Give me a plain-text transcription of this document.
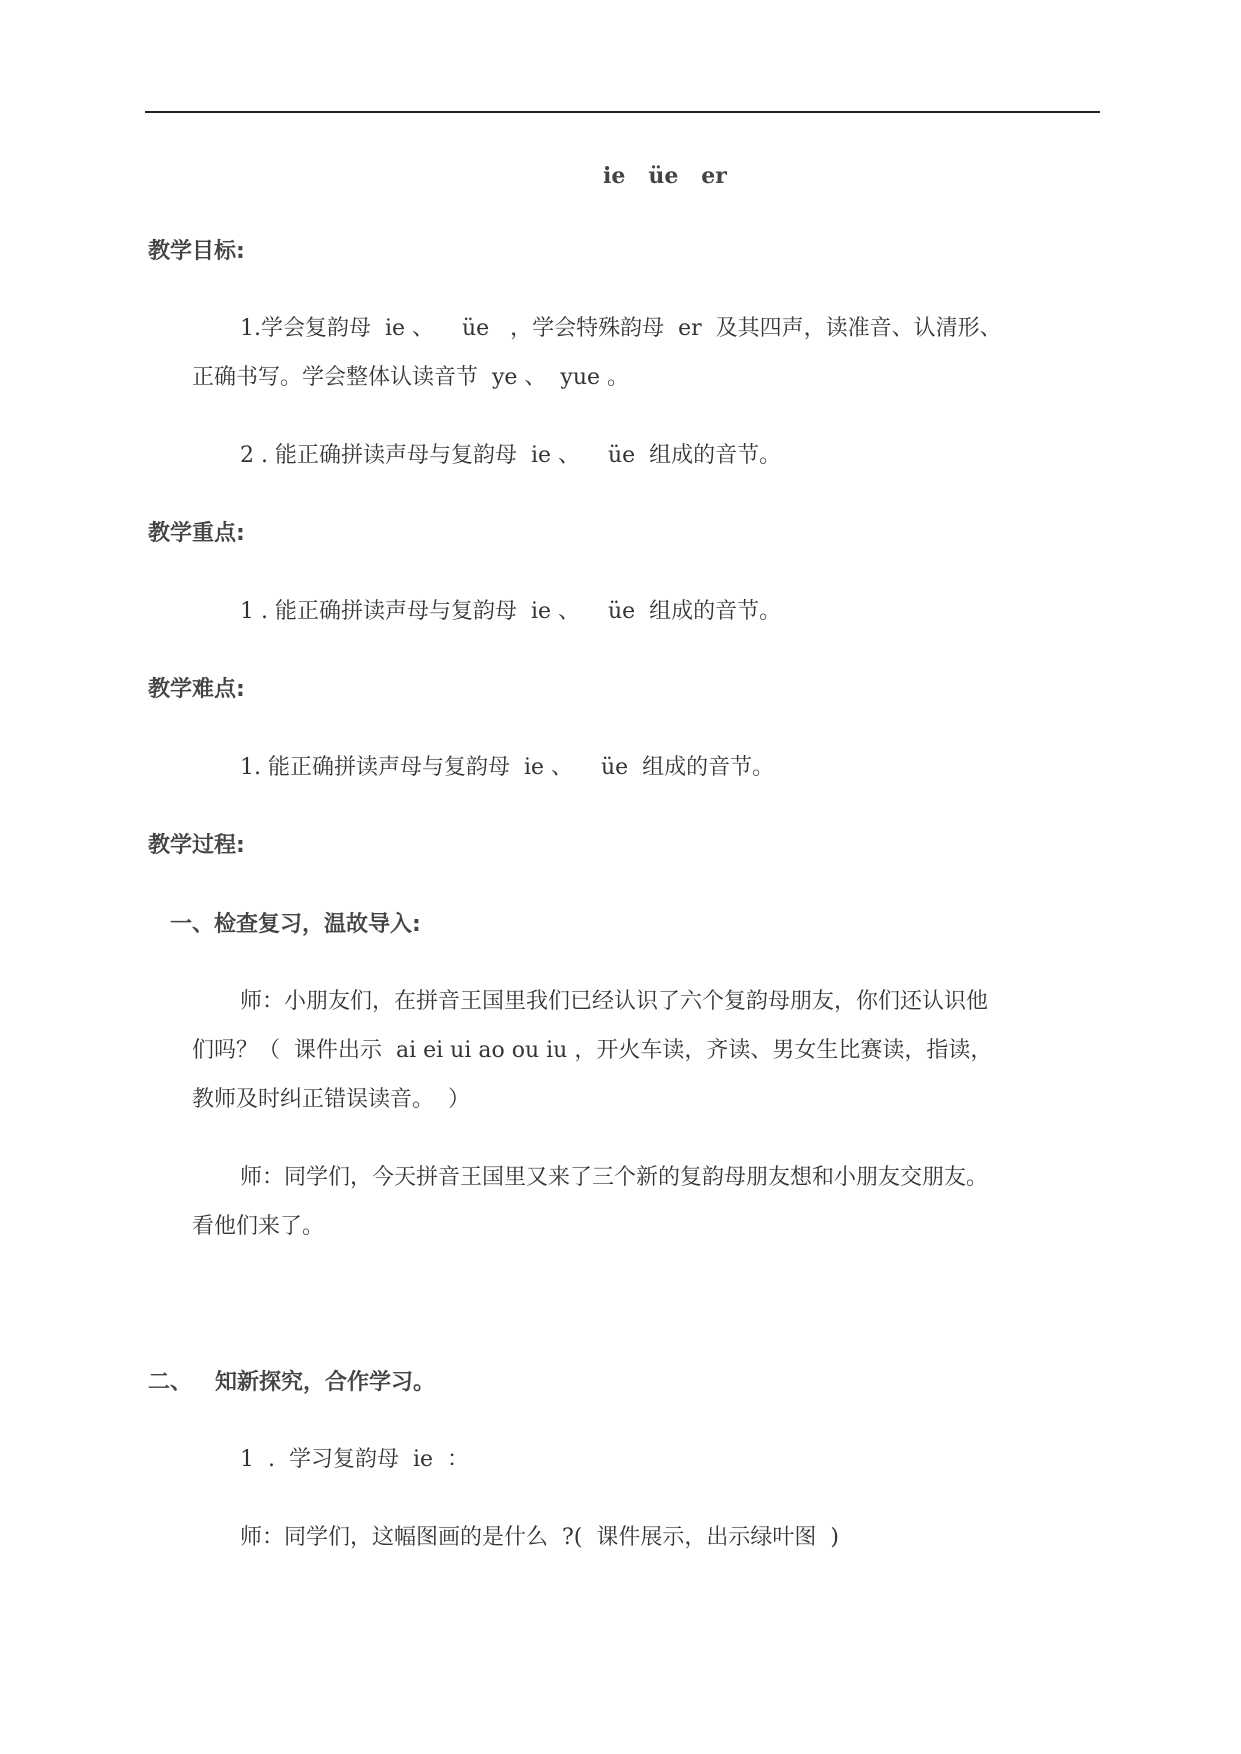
ie   üe   er
教学目标:
1.学会复韵母  ie 、    üe   ，学会特殊韵母  er  及其四声，读准音、认清形、
正确书写。学会整体认读音节  ye 、  yue 。
2 . 能正确拼读声母与复韵母  ie 、    üe  组成的音节。
教学重点:
1 . 能正确拼读声母与复韵母  ie 、    üe  组成的音节。
教学难点:
1. 能正确拼读声母与复韵母  ie 、    üe  组成的音节。
教学过程:
一、检查复习，温故导入:
师：小朋友们，在拼音王国里我们已经认识了六个复韵母朋友，你们还认识他
们吗？（  课件出示  ai ei ui ao ou iu ，开火车读，齐读、男女生比赛读，指读，
教师及时纠正错误读音。  ）
师：同学们，今天拼音王国里又来了三个新的复韵母朋友想和小朋友交朋友。
看他们来了。
二、   知新探究，合作学习。
1  .  学习复韵母  ie  ：
师：同学们，这幅图画的是什么  ?(  课件展示，出示绿叶图  )
